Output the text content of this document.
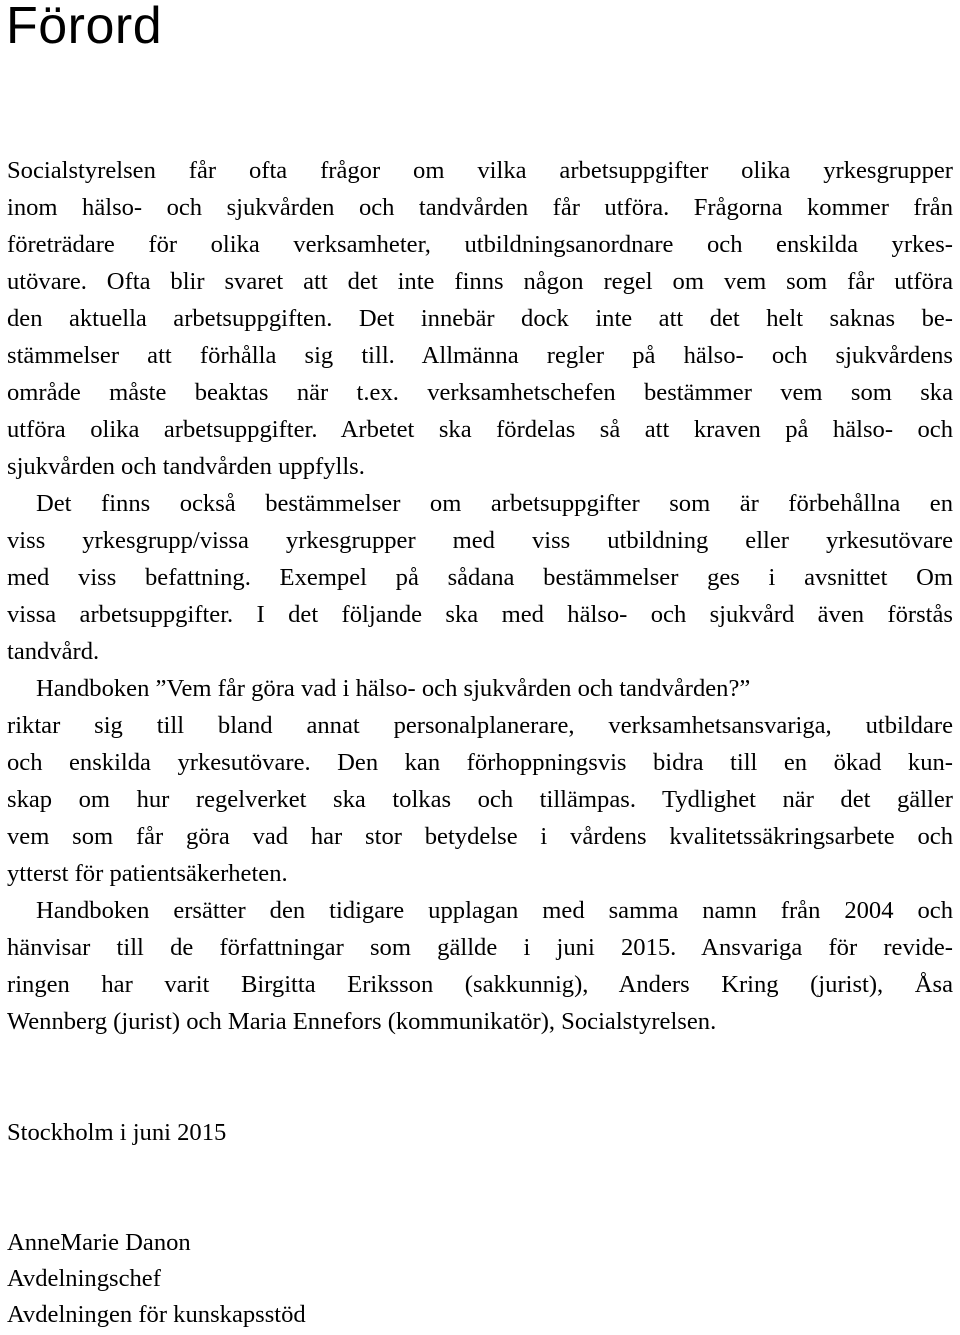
Förord

Socialstyrelsen får ofta frågor om vilka arbetsuppgifter olika yrkesgrupper
inom hälso- och sjukvården och tandvården får utföra. Frågorna kommer från
företrädare för olika verksamheter, utbildningsanordnare och enskilda yrkes-
utövare. Ofta blir svaret att det inte finns någon regel om vem som får utföra
den aktuella arbetsuppgiften. Det innebär dock inte att det helt saknas be-
stämmelser att förhålla sig till. Allmänna regler på hälso- och sjukvårdens
område måste beaktas när t.ex. verksamhetschefen bestämmer vem som ska
utföra olika arbetsuppgifter. Arbetet ska fördelas så att kraven på hälso- och
sjukvården och tandvården uppfylls.

Det finns också bestämmelser om arbetsuppgifter som är förbehållna en
viss yrkesgrupp/vissa yrkesgrupper med viss utbildning eller yrkesutövare
med viss befattning. Exempel på sådana bestämmelser ges i avsnittet Om
vissa arbetsuppgifter. I det följande ska med hälso- och sjukvård även förstås
tandvård.

Handboken ”Vem får göra vad i hälso- och sjukvården och tandvården?”
riktar sig till bland annat personalplanerare, verksamhetsansvariga, utbildare
och enskilda yrkesutövare. Den kan förhoppningsvis bidra till en ökad kun-
skap om hur regelverket ska tolkas och tillämpas. Tydlighet när det gäller
vem som får göra vad har stor betydelse i vårdens kvalitetssäkringsarbete och
ytterst för patientsäkerheten.

Handboken ersätter den tidigare upplagan med samma namn från 2004 och
hänvisar till de författningar som gällde i juni 2015. Ansvariga för revide-
ringen har varit Birgitta Eriksson (sakkunnig), Anders Kring (jurist), Åsa
Wennberg (jurist) och Maria Ennefors (kommunikatör), Socialstyrelsen.

Stockholm i juni 2015

AnneMarie Danon
Avdelningschef
Avdelningen för kunskapsstöd
